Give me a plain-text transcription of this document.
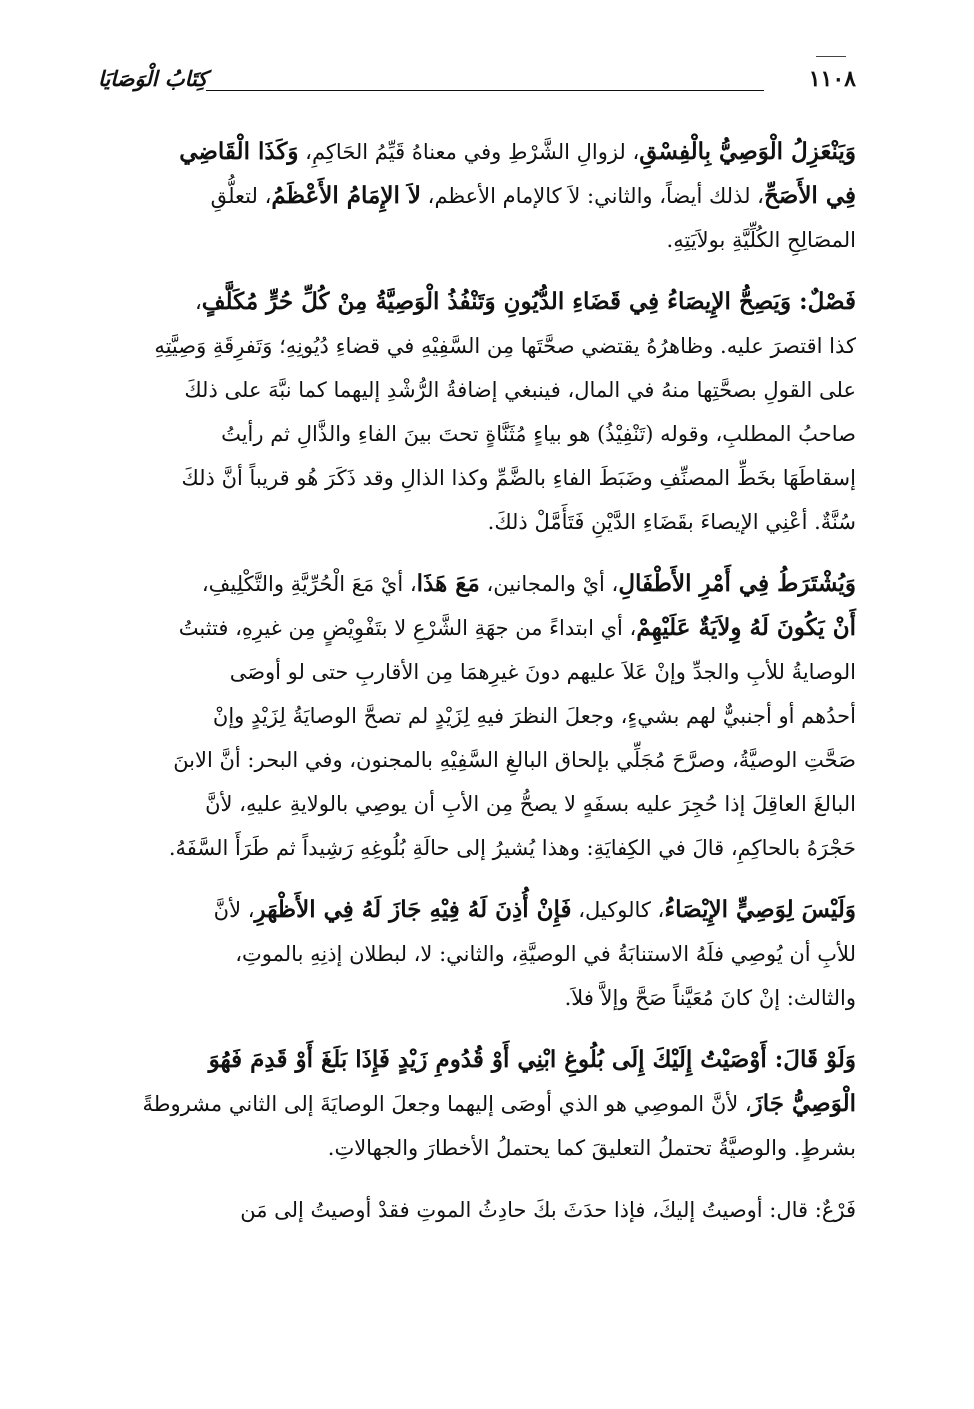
١١٠٨
كِتَابُ الْوَصَايَا

وَيَنْعَزِلُ الْوَصِيُّ بِالْفِسْقِ، لزوالِ الشَّرْطِ وفي معناهُ قَيِّمُ الحَاكِمِ، وَكَذَا الْقَاضِي

فِي الأَصَحِّ، لذلك أيضاً، والثاني: لاَ كالإمام الأعظم، لاَ الإِمَامُ الأَعْظَمُ، لتعلُّقِ

المصَالِحِ الكُلِّيَّةِ بولاَيَتِهِ.

فَصْلٌ: وَيَصِحُّ الإِيصَاءُ فِي قَضَاءِ الدُّيُونِ وَتَنْفُذُ الْوَصِيَّةُ مِنْ كُلِّ حُرٍّ مُكَلَّفٍ،

كذا اقتصرَ عليه. وظاهرُهُ يقتضي صحَّتَها مِن السَّفِيْهِ في قضاءِ دُيُونِهِ؛ وَتَفرِقَةِ وَصِيَّتِهِ

على القولِ بصحَّتِها منهُ في المال، فينبغي إضافةُ الرُّشْدِ إليهما كما نبَّهَ على ذلكَ

صاحبُ المطلبِ، وقوله (تَنْفِيْذُ) هو بياءٍ مُثَنَّاةٍ تحتَ بينَ الفاءِ والذَّالِ ثم رأيتُ

إسقاطَهَا بخَطِّ المصنِّفِ وضَبَطَ الفاءِ بالضَّمِّ وكذا الذالِ وقد ذَكَرَ هُو قريباً أنَّ ذلكَ

سُنَّةٌ. أعْنِي الإيصاءَ بقَضَاءِ الدَّيْنِ فَتَأَمَّلْ ذلكَ.

وَيُشْتَرَطُ فِي أَمْرِ الأَطْفَالِ، أيْ والمجانين، مَعَ هَذَا، أيْ مَعَ الْحُرِّيَّةِ والتَّكْلِيفِ،

أَنْ يَكُونَ لَهُ وِلاَيَةٌ عَلَيْهِمْ، أي ابتداءً من جهَةِ الشَّرْعِ لا بتَفْوِيْضٍ مِن غيرِهِ، فتثبتُ

الوصايةُ للأبِ والجدِّ وإنْ عَلاَ عليهم دونَ غيرِهمَا مِن الأقاربِ حتى لو أوصَى

أحدُهم أو أجنبيٌّ لهم بشيءٍ، وجعلَ النظرَ فيهِ لِزَيْدٍ لم تصحَّ الوصايَةُ لِزَيْدٍ وإنْ

صَحَّتِ الوصيَّةُ، وصرَّحَ مُجَلِّي بإلحاق البالغِ السَّفِيْهِ بالمجنون، وفي البحر: أنَّ الابنَ

البالغَ العاقِلَ إذا حُجِرَ عليه بسفَهٍ لا يصحُّ مِن الأبِ أن يوصِي بالولايةِ عليهِ، لأنَّ

حَجْرَهُ بالحاكِمِ، قالَ في الكِفايَةِ: وهذا يُشيرُ إلى حالَةِ بُلُوغِهِ رَشِيداً ثم طَرَأَ السَّفَهُ.

وَلَيْسَ لِوَصِيٍّ الإِيْصَاءُ، كالوكيل، فَإِنْ أُذِنَ لَهُ فِيْهِ جَازَ لَهُ فِي الأَظْهَرِ، لأنَّ

للأبِ أن يُوصِي فلَهُ الاستنابَةُ في الوصيَّةِ، والثاني: لا، لبطلان إذنِهِ بالموتِ،

والثالث: إنْ كانَ مُعَيَّناً صَحَّ وإلاَّ فلاَ.

وَلَوْ قَالَ: أَوْصَيْتُ إِلَيْكَ إِلَى بُلُوغِ ابْنِي أَوْ قُدُومِ زَيْدٍ فَإِذَا بَلَغَ أَوْ قَدِمَ فَهُوَ

الْوَصِيُّ جَازَ، لأنَّ الموصِي هو الذي أوصَى إليهما وجعلَ الوصايَةَ إلى الثاني مشروطةً

بشرطٍ. والوصيَّةُ تحتملُ التعليقَ كما يحتملُ الأخطارَ والجهالاتِ.

فَرْعٌ: قال: أوصيتُ إليكَ، فإذا حدَثَ بكَ حادِثُ الموتِ فقدْ أوصيتُ إلى مَن
